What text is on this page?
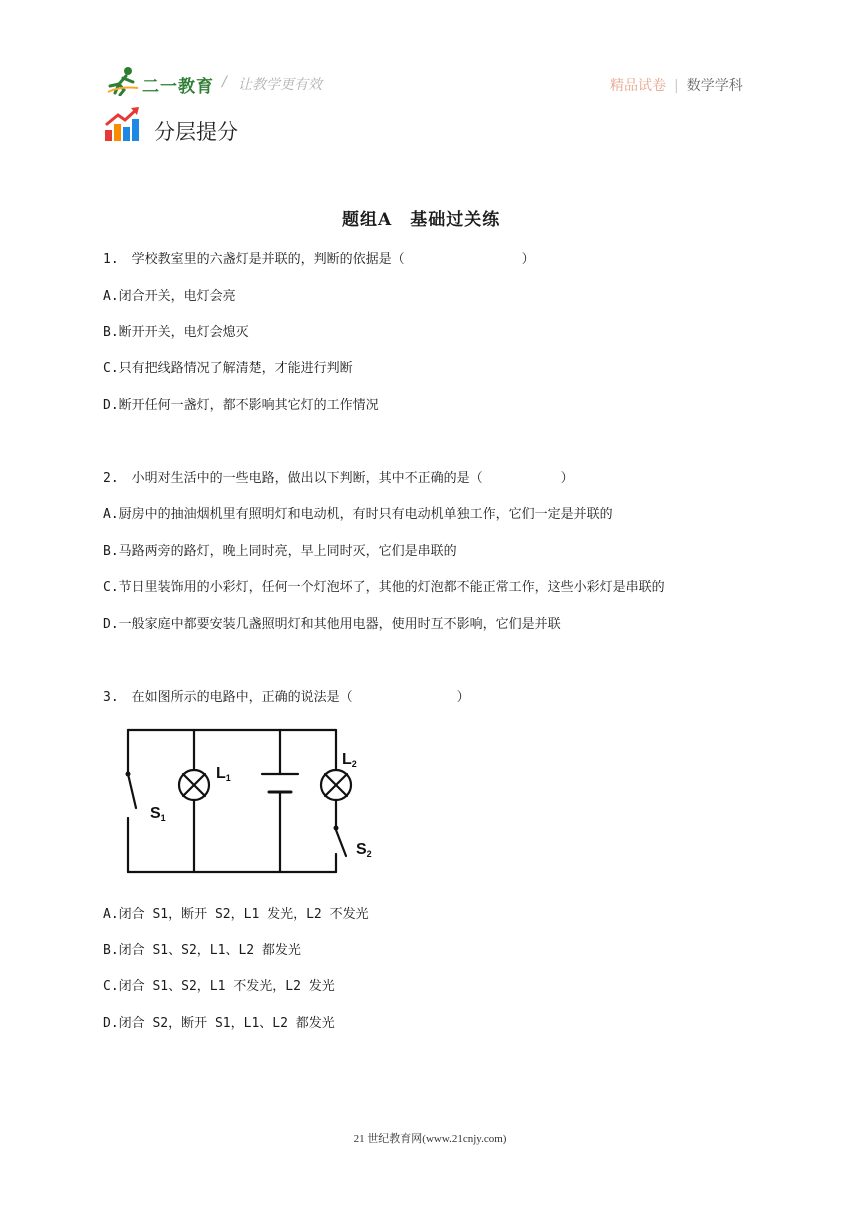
二一教育 / 让教学更有效	精品试卷 | 数学学科
分层提分
题组A　基础过关练
1.　学校教室里的六盏灯是并联的，判断的依据是（　　　　　　　　　）
A.闭合开关，电灯会亮
B.断开开关，电灯会熄灭
C.只有把线路情况了解清楚，才能进行判断
D.断开任何一盏灯，都不影响其它灯的工作情况
2.　小明对生活中的一些电路，做出以下判断，其中不正确的是（　　　　　　）
A.厨房中的抽油烟机里有照明灯和电动机，有时只有电动机单独工作，它们一定是并联的
B.马路两旁的路灯，晚上同时亮，早上同时灭，它们是串联的
C.节日里装饰用的小彩灯，任何一个灯泡坏了，其他的灯泡都不能正常工作，这些小彩灯是串联的
D.一般家庭中都要安装几盏照明灯和其他用电器，使用时互不影响，它们是并联
3.　在如图所示的电路中，正确的说法是（　　　　　　　　）
S1
L1
L2
S2
A.闭合 S1，断开 S2，L1 发光，L2 不发光
B.闭合 S1、S2，L1、L2 都发光
C.闭合 S1、S2，L1 不发光，L2 发光
D.闭合 S2，断开 S1，L1、L2 都发光
21 世纪教育网(www.21cnjy.com)
